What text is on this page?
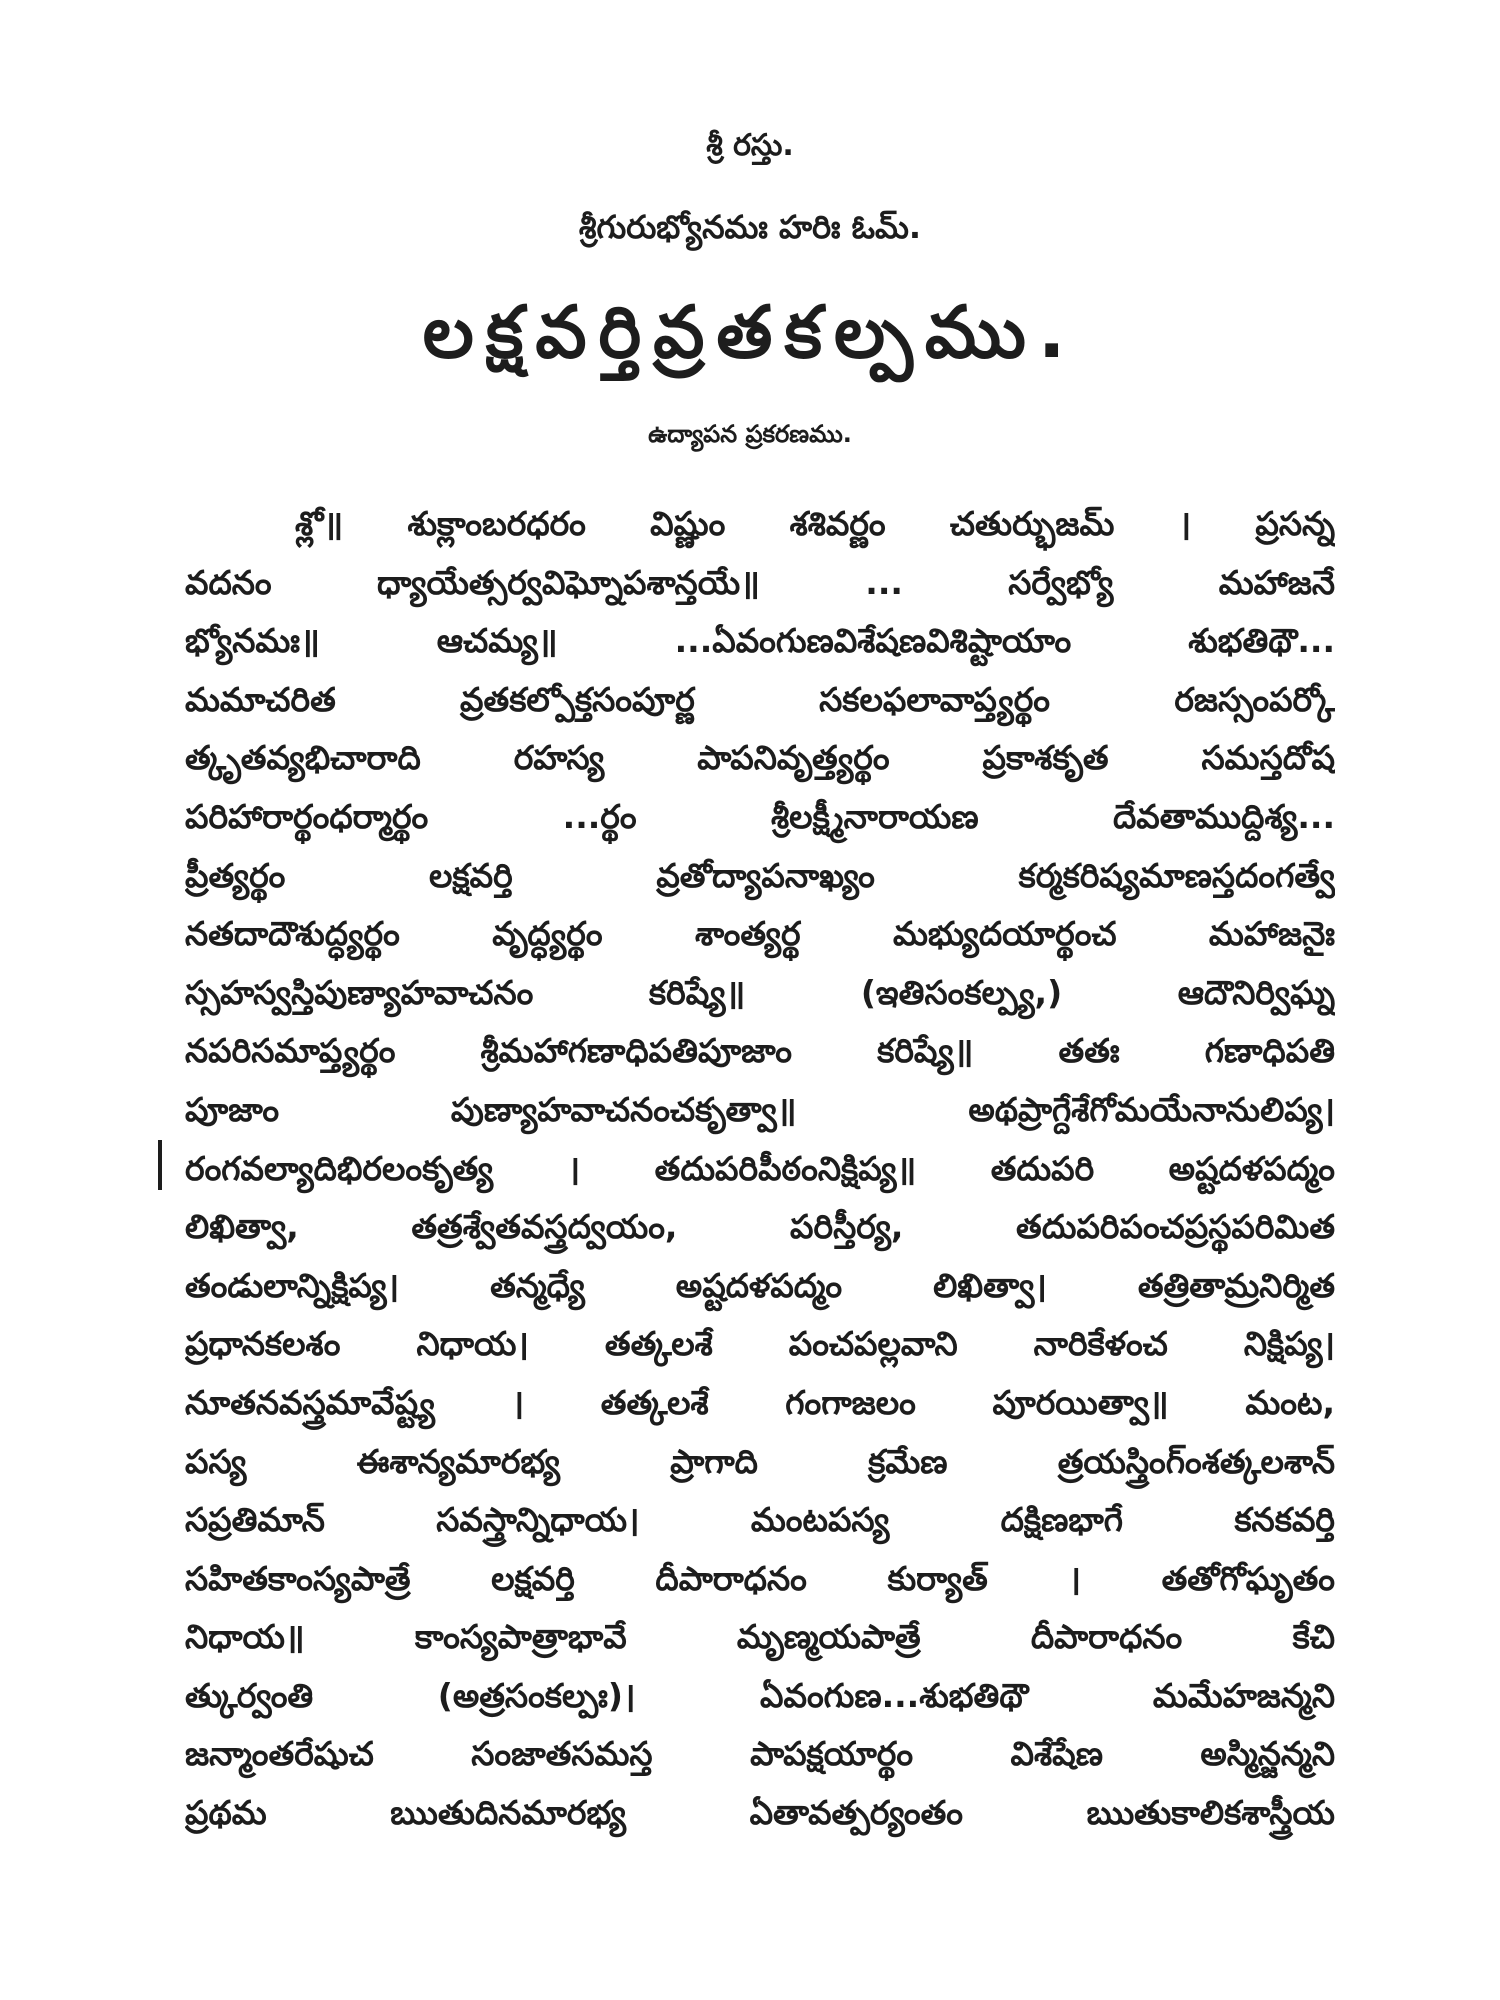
శ్రీ రస్తు.
శ్రీగురుభ్యోనమః హరిః ఓమ్.
లక్షవర్తివ్రతకల్పము.
ఉద్యాపన ప్రకరణము.
శ్లో॥ శుక్లాంబరధరం విష్ణుం శశివర్ణం చతుర్భుజమ్ । ప్రసన్న
వదనం ధ్యాయేత్సర్వవిఘ్నోపశాన్తయే॥ ... సర్వేభ్యో మహాజనే
భ్యోనమః॥ ఆచమ్య॥ ...ఏవంగుణవిశేషణవిశిష్టాయాం శుభతిథౌ...
మమాచరిత వ్రతకల్పోక్తసంపూర్ణ సకలఫలావాప్త్యర్థం రజస్సంపర్కో
త్కృతవ్యభిచారాది రహస్య పాపనివృత్త్యర్థం ప్రకాశకృత సమస్తదోష
పరిహారార్థంధర్మార్థం ...ర్థం శ్రీలక్ష్మీనారాయణ దేవతాముద్దిశ్య...
ప్రీత్యర్థం లక్షవర్తి వ్రతోద్యాపనాఖ్యం కర్మకరిష్యమాణస్తదంగత్వే
నతదాదౌశుద్ధ్యర్థం వృద్ధ్యర్థం శాంత్యర్థ మభ్యుదయార్థంచ మహాజనైః
స్సహస్వస్తిపుణ్యాహవాచనం కరిష్యే॥ (ఇతిసంకల్ప్య,) ఆదౌనిర్విఘ్న
నపరిసమాప్త్యర్థం శ్రీమహాగణాధిపతిపూజాం కరిష్యే॥ తతః గణాధిపతి
పూజాం పుణ్యాహవాచనంచకృత్వా॥ అథప్రాగ్దేశేగోమయేనానులిప్య।
రంగవల్యాదిభిరలంకృత్య । తదుపరిపీఠంనిక్షిప్య॥ తదుపరి అష్టదళపద్మం
లిఖిత్వా, తత్రశ్వేతవస్త్రద్వయం, పరిస్తీర్య, తదుపరిపంచప్రస్థపరిమిత
తండులాన్నిక్షిప్య। తన్మధ్యే అష్టదళపద్మం లిఖిత్వా। తత్రితామ్రనిర్మిత
ప్రధానకలశం నిధాయ। తత్కలశే పంచపల్లవాని నారికేళంచ నిక్షిప్య।
నూతనవస్త్రమావేష్ట్య । తత్కలశే గంగాజలం పూరయిత్వా॥ మంట,
పస్య ఈశాన్యమారభ్య ప్రాగాది క్రమేణ త్రయస్త్రింగ్ంశత్కలశాన్
సప్రతిమాన్ సవస్త్రాన్నిధాయ। మంటపస్య దక్షిణభాగే కనకవర్తి
సహితకాంస్యపాత్రే లక్షవర్తి దీపారాధనం కుర్యాత్ । తతోగోఘృతం
నిధాయ॥ కాంస్యపాత్రాభావే మృణ్మయపాత్రే దీపారాధనం కేచి
త్కుర్వంతి (అత్రసంకల్పః)। ఏవంగుణ...శుభతిథౌ మమేహజన్మని
జన్మాంతరేషుచ సంజాతసమస్త పాపక్షయార్థం విశేషేణ అస్మిన్జన్మని
ప్రథమ ఋతుదినమారభ్య ఏతావత్పర్యంతం ఋతుకాలికశాస్త్రీయ
